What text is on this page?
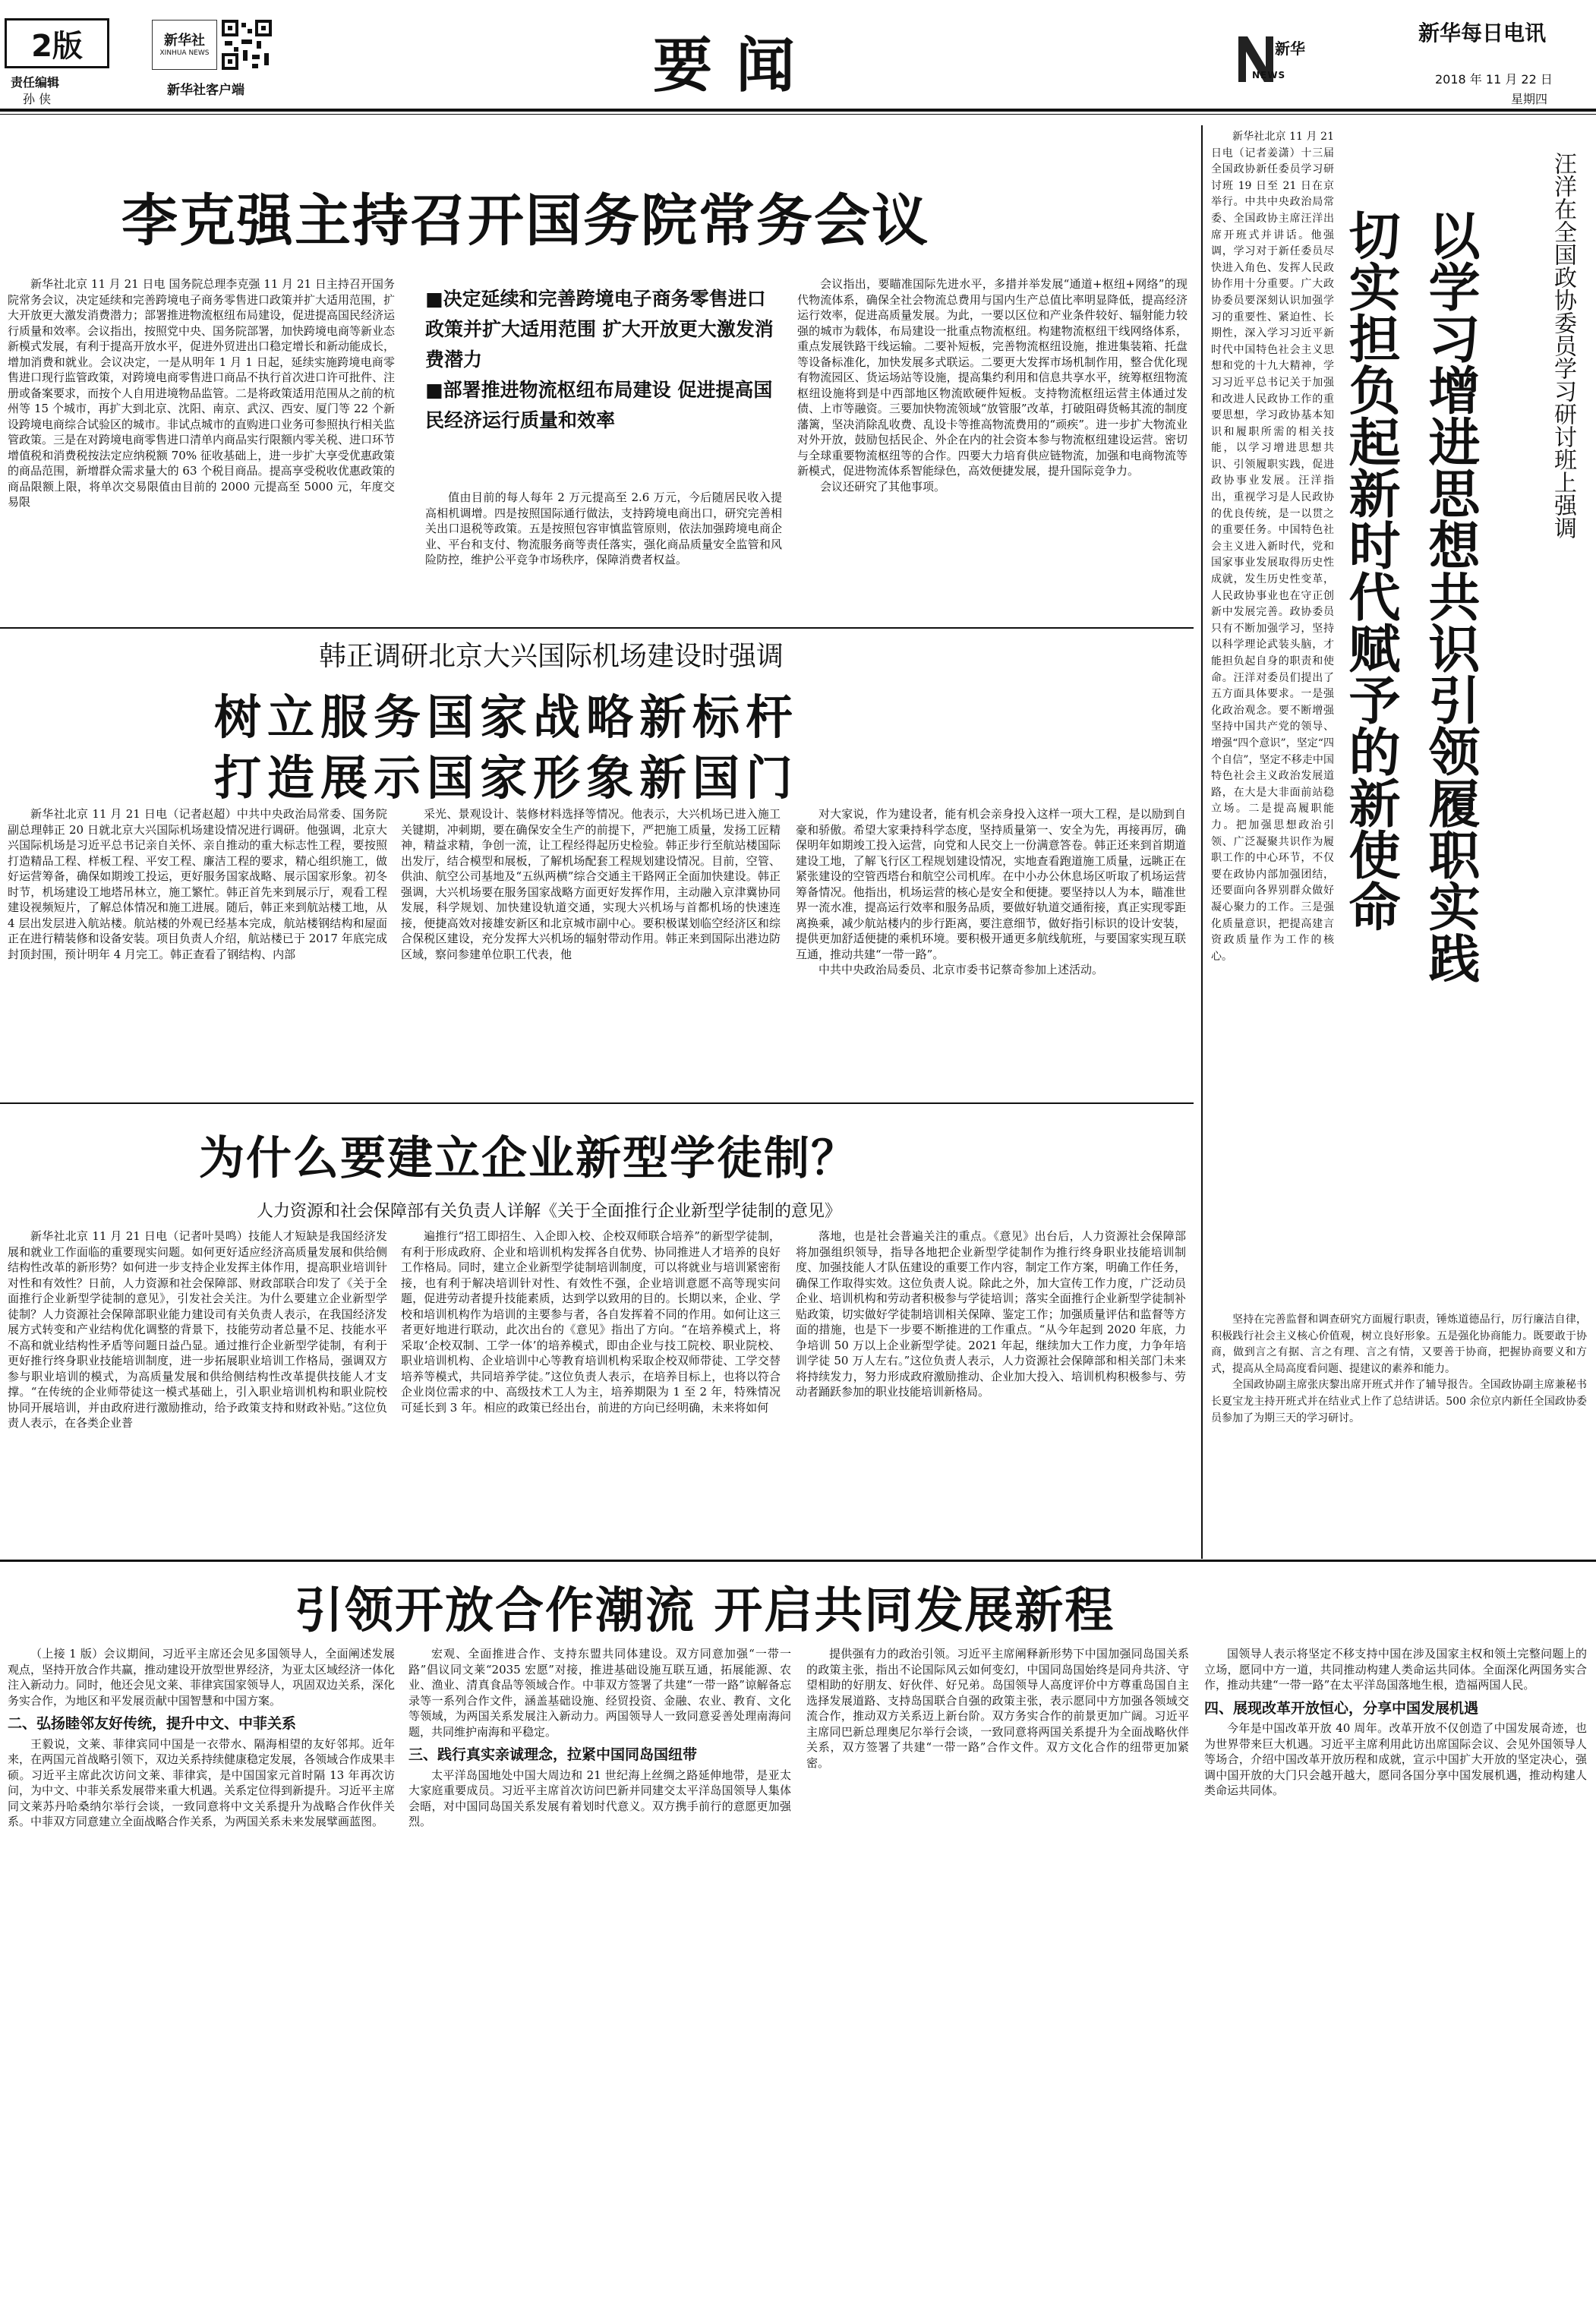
2版
责任编辑
孙 侠
新华社
XINHUA NEWS
新华社客户端	要 闻	新华
NEWS
新华每日电讯
2018 年 11 月 22 日
星期四
李克强主持召开国务院常务会议

新华社北京 11 月 21 日电 国务院总理李克强 11 月 21 日主持召开国务院常务会议，决定延续和完善跨境电子商务零售进口政策并扩大适用范围，扩大开放更大激发消费潜力；部署推进物流枢纽布局建设，促进提高国民经济运行质量和效率。会议指出，按照党中央、国务院部署，加快跨境电商等新业态新模式发展，有利于提高开放水平，促进外贸进出口稳定增长和新动能成长，增加消费和就业。会议决定，一是从明年 1 月 1 日起，延续实施跨境电商零售进口现行监管政策，对跨境电商零售进口商品不执行首次进口许可批件、注册或备案要求，而按个人自用进境物品监管。二是将政策适用范围从之前的杭州等 15 个城市，再扩大到北京、沈阳、南京、武汉、西安、厦门等 22 个新设跨境电商综合试验区的城市。非试点城市的直购进口业务可参照执行相关监管政策。三是在对跨境电商零售进口清单内商品实行限额内零关税、进口环节增值税和消费税按法定应纳税额 70% 征收基础上，进一步扩大享受优惠政策的商品范围，新增群众需求量大的 63 个税目商品。提高享受税收优惠政策的商品限额上限，将单次交易限值由目前的 2000 元提高至 5000 元，年度交易限

■决定延续和完善跨境电子商务零售进口政策并扩大适用范围 扩大开放更大激发消费潜力
■部署推进物流枢纽布局建设 促进提高国民经济运行质量和效率

值由目前的每人每年 2 万元提高至 2.6 万元，今后随居民收入提高相机调增。四是按照国际通行做法，支持跨境电商出口，研究完善相关出口退税等政策。五是按照包容审慎监管原则，依法加强跨境电商企业、平台和支付、物流服务商等责任落实，强化商品质量安全监管和风险防控，维护公平竞争市场秩序，保障消费者权益。

会议指出，要瞄准国际先进水平，多措并举发展“通道+枢纽+网络”的现代物流体系，确保全社会物流总费用与国内生产总值比率明显降低，提高经济运行效率，促进高质量发展。为此，一要以区位和产业条件较好、辐射能力较强的城市为载体，布局建设一批重点物流枢纽。构建物流枢纽干线网络体系，重点发展铁路干线运输。二要补短板，完善物流枢纽设施，推进集装箱、托盘等设备标准化，加快发展多式联运。二要更大发挥市场机制作用，整合优化现有物流园区、货运场站等设施，提高集约利用和信息共享水平，统筹枢纽物流枢纽设施将到是中西部地区物流欧硬件短板。支持物流枢纽运营主体通过发债、上市等融资。三要加快物流领域“放管服”改革，打破阻碍货畅其流的制度藩篱，坚决消除乱收费、乱设卡等推高物流费用的“顽疾”。进一步扩大物流业对外开放，鼓励包括民企、外企在内的社会资本参与物流枢纽建设运营。密切与全球重要物流枢纽等的合作。四要大力培育供应链物流，加强和电商物流等新模式，促进物流体系智能绿色，高效便捷发展，提升国际竞争力。

会议还研究了其他事项。

韩正调研北京大兴国际机场建设时强调
树立服务国家战略新标杆
打造展示国家形象新国门

新华社北京 11 月 21 日电（记者赵超）中共中央政治局常委、国务院副总理韩正 20 日就北京大兴国际机场建设情况进行调研。他强调，北京大兴国际机场是习近平总书记亲自关怀、亲自推动的重大标志性工程，要按照打造精品工程、样板工程、平安工程、廉洁工程的要求，精心组织施工，做好运营筹备，确保如期竣工投运，更好服务国家战略、展示国家形象。初冬时节，机场建设工地塔吊林立，施工繁忙。韩正首先来到展示厅，观看工程建设视频短片，了解总体情况和施工进展。随后，韩正来到航站楼工地，从 4 层出发层进入航站楼。航站楼的外观已经基本完成，航站楼钢结构和屋面正在进行精装修和设备安装。项目负责人介绍，航站楼已于 2017 年底完成封顶封围，预计明年 4 月完工。韩正查看了钢结构、内部

采光、景观设计、装修材料选择等情况。他表示，大兴机场已进入施工关键期，冲刺期，要在确保安全生产的前提下，严把施工质量，发扬工匠精神，精益求精，争创一流，让工程经得起历史检验。韩正步行至航站楼国际出发厅，结合模型和展板，了解机场配套工程规划建设情况。目前，空管、供油、航空公司基地及“五纵两横”综合交通主干路网正全面加快建设。韩正强调，大兴机场要在服务国家战略方面更好发挥作用，主动融入京津冀协同发展，科学规划、加快建设轨道交通，实现大兴机场与首都机场的快速连接，便捷高效对接雄安新区和北京城市副中心。要积极谋划临空经济区和综合保税区建设，充分发挥大兴机场的辐射带动作用。韩正来到国际出港边防区域，察问参建单位职工代表，他

对大家说，作为建设者，能有机会亲身投入这样一项大工程，是以励到自豪和骄傲。希望大家秉持科学态度，坚持质量第一、安全为先，再接再厉，确保明年如期竣工投入运营，向党和人民交上一份满意答卷。韩正还来到首期道建设工地，了解飞行区工程规划建设情况，实地查看跑道施工质量，远眺正在紧张建设的空管西塔台和航空公司机库。在中小办公休息场区听取了机场运营筹备情况。他指出，机场运营的核心是安全和便捷。要坚持以人为本，瞄准世界一流水准，提高运行效率和服务品质，要做好轨道交通衔接，真正实现零距离换乘，减少航站楼内的步行距离，要注意细节，做好指引标识的设计安装，提供更加舒适便捷的乘机环境。要积极开通更多航线航班，与要国家实现互联互通，推动共建“一带一路”。

中共中央政治局委员、北京市委书记蔡奇参加上述活动。

为什么要建立企业新型学徒制？
人力资源和社会保障部有关负责人详解《关于全面推行企业新型学徒制的意见》

新华社北京 11 月 21 日电（记者叶昊鸣）技能人才短缺是我国经济发展和就业工作面临的重要现实问题。如何更好适应经济高质量发展和供给侧结构性改革的新形势？如何进一步支持企业发挥主体作用，提高职业培训针对性和有效性？日前，人力资源和社会保障部、财政部联合印发了《关于全面推行企业新型学徒制的意见》，引发社会关注。为什么要建立企业新型学徒制？人力资源社会保障部职业能力建设司有关负责人表示，在我国经济发展方式转变和产业结构优化调整的背景下，技能劳动者总量不足、技能水平不高和就业结构性矛盾等问题日益凸显。通过推行企业新型学徒制，有利于更好推行终身职业技能培训制度，进一步拓展职业培训工作格局，强调双方参与职业培训的模式，为高质量发展和供给侧结构性改革提供技能人才支撑。“在传统的企业师带徒这一模式基础上，引入职业培训机构和职业院校协同开展培训，并由政府进行激励推动，给予政策支持和财政补贴。”这位负责人表示，在各类企业普

遍推行“招工即招生、入企即入校、企校双师联合培养”的新型学徒制，有利于形成政府、企业和培训机构发挥各自优势、协同推进人才培养的良好工作格局。同时，建立企业新型学徒制培训制度，可以将就业与培训紧密衔接，也有利于解决培训针对性、有效性不强，企业培训意愿不高等现实问题，促进劳动者提升技能素质，达到学以致用的目的。长期以来，企业、学校和培训机构作为培训的主要参与者，各自发挥着不同的作用。如何让这三者更好地进行联动，此次出台的《意见》指出了方向。“在培养模式上，将采取‘企校双制、工学一体’的培养模式，即由企业与技工院校、职业院校、职业培训机构、企业培训中心等教育培训机构采取企校双师带徒、工学交替培养等模式，共同培养学徒。”这位负责人表示，在培养目标上，也将以符合企业岗位需求的中、高级技术工人为主，培养期限为 1 至 2 年，特殊情况可延长到 3 年。相应的政策已经出台，前进的方向已经明确，未来将如何

落地，也是社会普遍关注的重点。《意见》出台后，人力资源社会保障部将加强组织领导，指导各地把企业新型学徒制作为推行终身职业技能培训制度、加强技能人才队伍建设的重要工作内容，制定工作方案，明确工作任务，确保工作取得实效。这位负责人说。除此之外，加大宣传工作力度，广泛动员企业、培训机构和劳动者积极参与学徒培训；落实全面推行企业新型学徒制补贴政策，切实做好学徒制培训相关保障、鉴定工作；加强质量评估和监督等方面的措施，也是下一步要不断推进的工作重点。“从今年起到 2020 年底，力争培训 50 万以上企业新型学徒。2021 年起，继续加大工作力度，力争年培训学徒 50 万人左右。”这位负责人表示，人力资源社会保障部和相关部门未来将持续发力，努力形成政府激励推动、企业加大投入、培训机构积极参与、劳动者踊跃参加的职业技能培训新格局。

新华社北京 11 月 21 日电（记者姜潇）十三届全国政协新任委员学习研讨班 19 日至 21 日在京举行。中共中央政治局常委、全国政协主席汪洋出席开班式并讲话。他强调，学习对于新任委员尽快进入角色、发挥人民政协作用十分重要。广大政协委员要深刻认识加强学习的重要性、紧迫性、长期性，深入学习习近平新时代中国特色社会主义思想和党的十九大精神，学习习近平总书记关于加强和改进人民政协工作的重要思想，学习政协基本知识和履职所需的相关技能，以学习增进思想共识、引领履职实践，促进政协事业发展。汪洋指出，重视学习是人民政协的优良传统，是一以贯之的重要任务。中国特色社会主义进入新时代，党和国家事业发展取得历史性成就，发生历史性变革，人民政协事业也在守正创新中发展完善。政协委员只有不断加强学习，坚持以科学理论武装头脑，才能担负起自身的职责和使命。汪洋对委员们提出了五方面具体要求。一是强化政治观念。要不断增强坚持中国共产党的领导、增强“四个意识”，坚定“四个自信”，坚定不移走中国特色社会主义政治发展道路，在大是大非面前站稳立场。二是提高履职能力。把加强思想政治引领、广泛凝聚共识作为履职工作的中心环节，不仅要在政协内部加强团结，还要面向各界别群众做好凝心聚力的工作。三是强化质量意识，把提高建言资政质量作为工作的核心。

切实担负起新时代赋予的新使命 以学习增进思想共识引领履职实践	汪洋在全国政协委员学习研讨班上强调

坚持在完善监督和调查研究方面履行职责，锤炼道德品行，厉行廉洁自律，积极践行社会主义核心价值观，树立良好形象。五是强化协商能力。既要敢于协商，做到言之有据、言之有理、言之有情，又要善于协商，把握协商要义和方式，提高从全局高度看问题、提建议的素养和能力。

全国政协副主席张庆黎出席开班式并作了辅导报告。全国政协副主席兼秘书长夏宝龙主持开班式并在结业式上作了总结讲话。500 余位京内新任全国政协委员参加了为期三天的学习研讨。

引领开放合作潮流 开启共同发展新程

（上接 1 版）会议期间，习近平主席还会见多国领导人，全面阐述发展观点，坚持开放合作共赢，推动建设开放型世界经济，为亚太区域经济一体化注入新动力。同时，他还会见文莱、菲律宾国家领导人，巩固双边关系，深化务实合作，为地区和平发展贡献中国智慧和中国方案。

二、弘扬睦邻友好传统，提升中文、中菲关系

王毅说，文莱、菲律宾同中国是一衣带水、隔海相望的友好邻邦。近年来，在两国元首战略引领下，双边关系持续健康稳定发展，各领域合作成果丰硕。习近平主席此次访问文莱、菲律宾，是中国国家元首时隔 13 年再次访问，为中文、中菲关系发展带来重大机遇。关系定位得到新提升。习近平主席同文莱苏丹哈桑纳尔举行会谈，一致同意将中文关系提升为战略合作伙伴关系。中菲双方同意建立全面战略合作关系，为两国关系未来发展擘画蓝图。

宏观、全面推进合作、支持东盟共同体建设。双方同意加强“一带一路”倡议同文莱“2035 宏愿”对接，推进基础设施互联互通，拓展能源、农业、渔业、清真食品等领域合作。中菲双方签署了共建“一带一路”谅解备忘录等一系列合作文件，涵盖基础设施、经贸投资、金融、农业、教育、文化等领域，为两国关系发展注入新动力。两国领导人一致同意妥善处理南海问题，共同维护南海和平稳定。

三、践行真实亲诚理念，拉紧中国同岛国纽带

太平洋岛国地处中国大周边和 21 世纪海上丝绸之路延伸地带，是亚太大家庭重要成员。习近平主席首次访问巴新并同建交太平洋岛国领导人集体会晤，对中国同岛国关系发展有着划时代意义。双方携手前行的意愿更加强烈。

提供强有力的政治引领。习近平主席阐释新形势下中国加强同岛国关系的政策主张，指出不论国际风云如何变幻，中国同岛国始终是同舟共济、守望相助的好朋友、好伙伴、好兄弟。岛国领导人高度评价中方尊重岛国自主选择发展道路、支持岛国联合自强的政策主张，表示愿同中方加强各领域交流合作，推动双方关系迈上新台阶。双方务实合作的前景更加广阔。习近平主席同巴新总理奥尼尔举行会谈，一致同意将两国关系提升为全面战略伙伴关系，双方签署了共建“一带一路”合作文件。双方文化合作的纽带更加紧密。

国领导人表示将坚定不移支持中国在涉及国家主权和领土完整问题上的立场，愿同中方一道，共同推动构建人类命运共同体。全面深化两国务实合作，推动共建“一带一路”在太平洋岛国落地生根，造福两国人民。

四、展现改革开放恒心，分享中国发展机遇

今年是中国改革开放 40 周年。改革开放不仅创造了中国发展奇迹，也为世界带来巨大机遇。习近平主席利用此访出席国际会议、会见外国领导人等场合，介绍中国改革开放历程和成就，宣示中国扩大开放的坚定决心，强调中国开放的大门只会越开越大，愿同各国分享中国发展机遇，推动构建人类命运共同体。
